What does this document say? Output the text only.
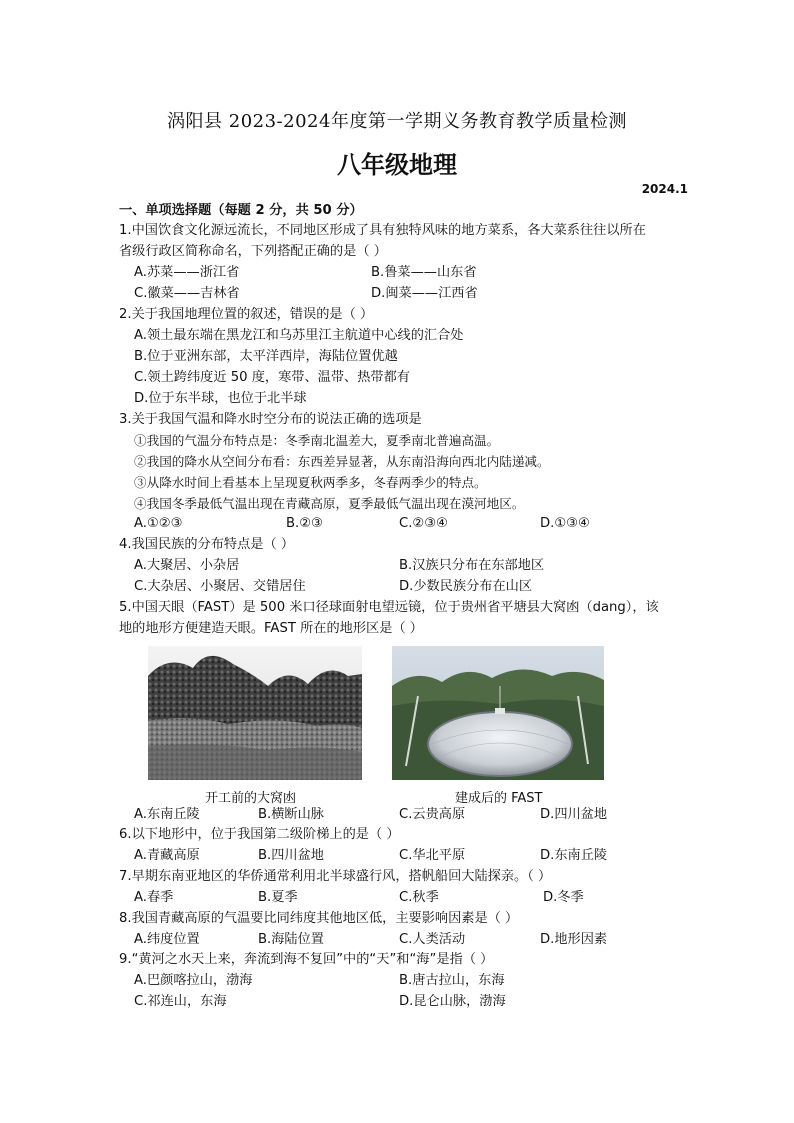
涡阳县 2023-2024年度第一学期义务教育教学质量检测
八年级地理
2024.1
一、单项选择题（每题 2 分，共 50 分）
1.中国饮食文化源远流长，不同地区形成了具有独特风味的地方菜系，各大菜系往往以所在
省级行政区简称命名，下列搭配正确的是（ ）
A.苏菜——浙江省	B.鲁菜——山东省
C.徽菜——吉林省	D.闽菜——江西省
2.关于我国地理位置的叙述，错误的是（ ）
A.领土最东端在黑龙江和乌苏里江主航道中心线的汇合处
B.位于亚洲东部，太平洋西岸，海陆位置优越
C.领土跨纬度近 50 度，寒带、温带、热带都有
D.位于东半球，也位于北半球
3.关于我国气温和降水时空分布的说法正确的选项是
①我国的气温分布特点是：冬季南北温差大，夏季南北普遍高温。
②我国的降水从空间分布看：东西差异显著，从东南沿海向西北内陆递减。
③从降水时间上看基本上呈现夏秋两季多，冬春两季少的特点。
④我国冬季最低气温出现在青藏高原，夏季最低气温出现在漠河地区。
A.①②③	B.②③	C.②③④	D.①③④
4.我国民族的分布特点是（ ）
A.大聚居、小杂居	B.汉族只分布在东部地区
C.大杂居、小聚居、交错居住	D.少数民族分布在山区
5.中国天眼（FAST）是 500 米口径球面射电望远镜，位于贵州省平塘县大窝凼（dang），该
地的地形方便建造天眼。FAST 所在的地形区是（ ）
开工前的大窝凼	建成后的 FAST
A.东南丘陵	B.横断山脉	C.云贵高原	D.四川盆地
6.以下地形中，位于我国第二级阶梯上的是（ ）
A.青藏高原	B.四川盆地	C.华北平原	D.东南丘陵
7.早期东南亚地区的华侨通常利用北半球盛行风，搭帆船回大陆探亲。（ ）
A.春季	B.夏季	C.秋季	D.冬季
8.我国青藏高原的气温要比同纬度其他地区低，主要影响因素是（ ）
A.纬度位置	B.海陆位置	C.人类活动	D.地形因素
9.“黄河之水天上来，奔流到海不复回”中的“天”和“海”是指（ ）
A.巴颜喀拉山，渤海	B.唐古拉山，东海
C.祁连山，东海	D.昆仑山脉，渤海
